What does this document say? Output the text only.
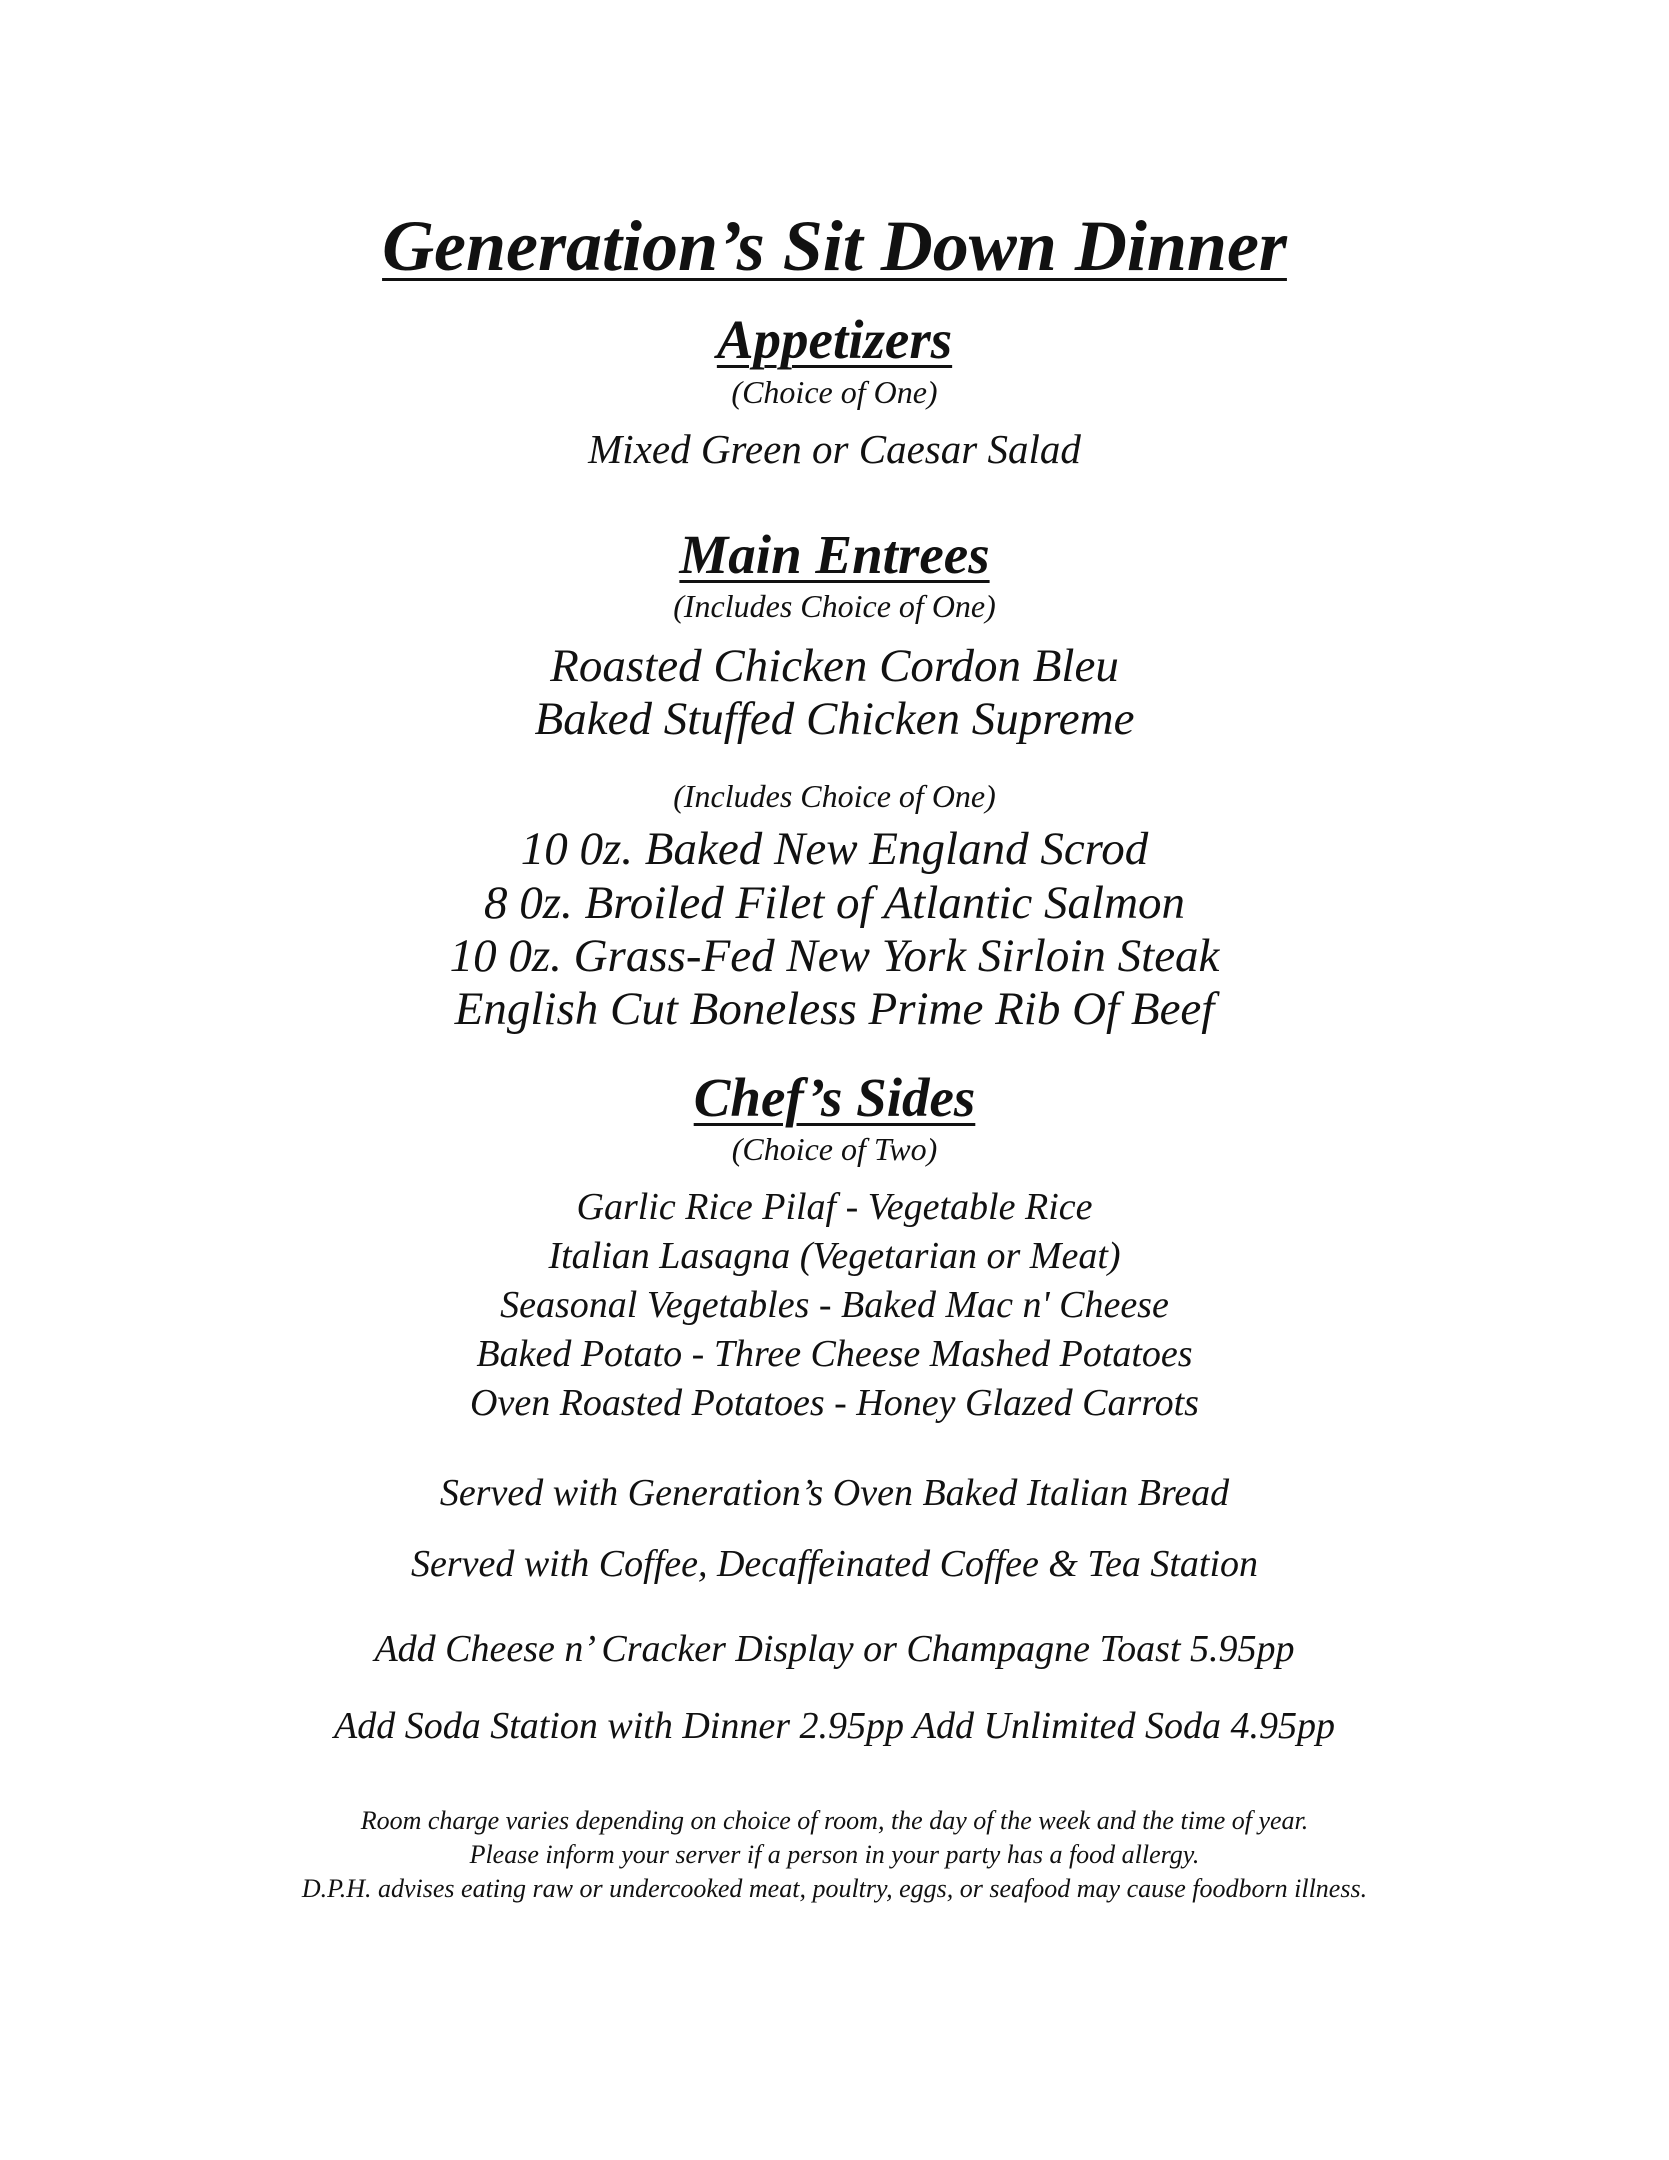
Generation’s Sit Down Dinner
Appetizers

(Choice of One)

Mixed Green or Caesar Salad

Main Entrees

(Includes Choice of One)

Roasted Chicken Cordon Bleu

Baked Stuffed Chicken Supreme

(Includes Choice of One)

10 0z. Baked New England Scrod

8 0z. Broiled Filet of Atlantic Salmon

10 0z. Grass-Fed New York Sirloin Steak

English Cut Boneless Prime Rib Of Beef

Chef’s Sides

(Choice of Two)

Garlic Rice Pilaf - Vegetable Rice

Italian Lasagna (Vegetarian or Meat)

Seasonal Vegetables - Baked Mac n' Cheese

Baked Potato - Three Cheese Mashed Potatoes

Oven Roasted Potatoes - Honey Glazed Carrots

Served with Generation’s Oven Baked Italian Bread

Served with Coffee, Decaffeinated Coffee & Tea Station

Add Cheese n’ Cracker Display or Champagne Toast 5.95pp

Add Soda Station with Dinner 2.95pp Add Unlimited Soda 4.95pp

Room charge varies depending on choice of room, the day of the week and the time of year.

Please inform your server if a person in your party has a food allergy.

D.P.H. advises eating raw or undercooked meat, poultry, eggs, or seafood may cause foodborn illness.
